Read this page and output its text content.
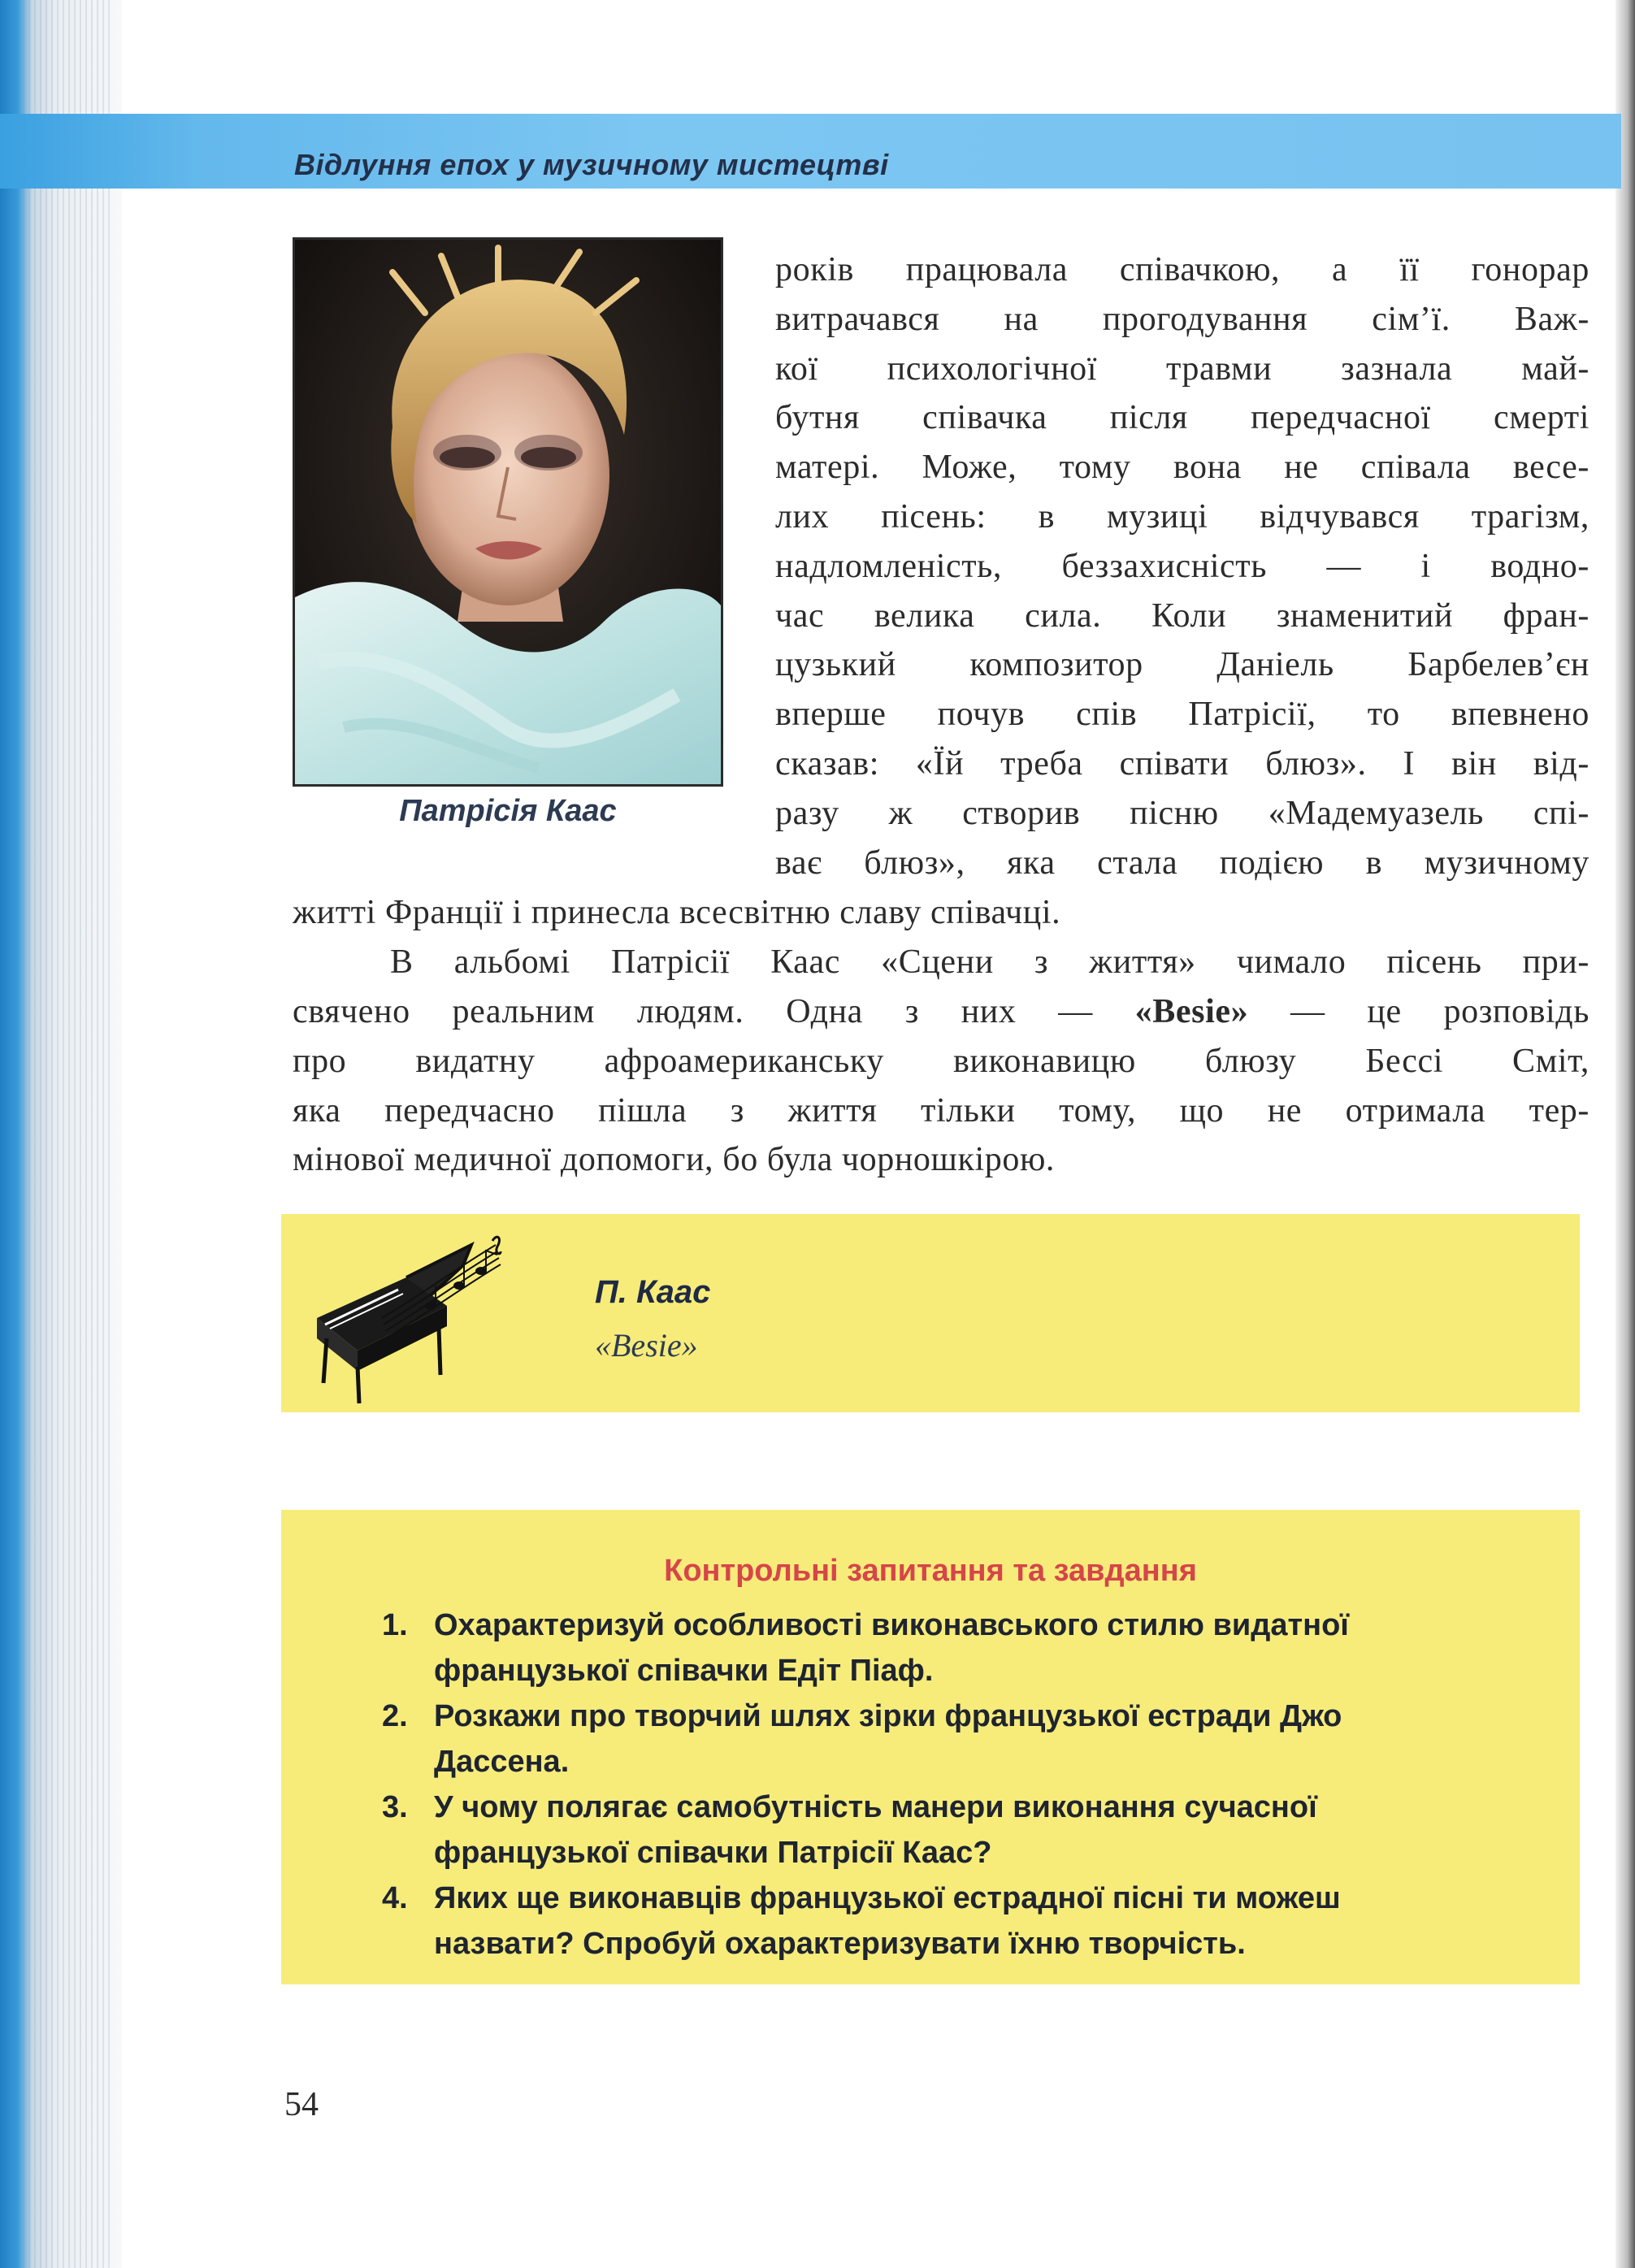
Відлуння епох у музичному мистецтві
Патрісія Каас
років працювала співачкою, а її гонорар
витрачався на прогодування сім’ї. Важ-
кої психологічної травми зазнала май-
бутня співачка після передчасної смерті
матері. Може, тому вона не співала весе-
лих пісень: в музиці відчувався трагізм,
надломленість, беззахисність — і водно-
час велика сила. Коли знаменитий фран-
цузький композитор Даніель Барбелев’єн
вперше почув спів Патрісії, то впевнено
сказав: «Їй треба співати блюз». І він від-
разу ж створив пісню «Мадемуазель спі-
ває блюз», яка стала подією в музичному
житті Франції і принесла всесвітню славу співачці.
В альбомі Патрісії Каас «Сцени з життя» чимало пісень при-
свячено реальним людям. Одна з них — «Besie» — це розповідь
про видатну афроамериканську виконавицю блюзу Бессі Сміт,
яка передчасно пішла з життя тільки тому, що не отримала тер-
мінової медичної допомоги, бо була чорношкірою.
П. Каас
«Besie»
Контрольні запитання та завдання
1. Охарактеризуй особливості виконавського стилю видатної
французької співачки Едіт Піаф.
2. Розкажи про творчий шлях зірки французької естради Джо
Дассена.
3. У чому полягає самобутність манери виконання сучасної
французької співачки Патрісії Каас?
4. Яких ще виконавців французької естрадної пісні ти можеш
назвати? Спробуй охарактеризувати їхню творчість.
54
